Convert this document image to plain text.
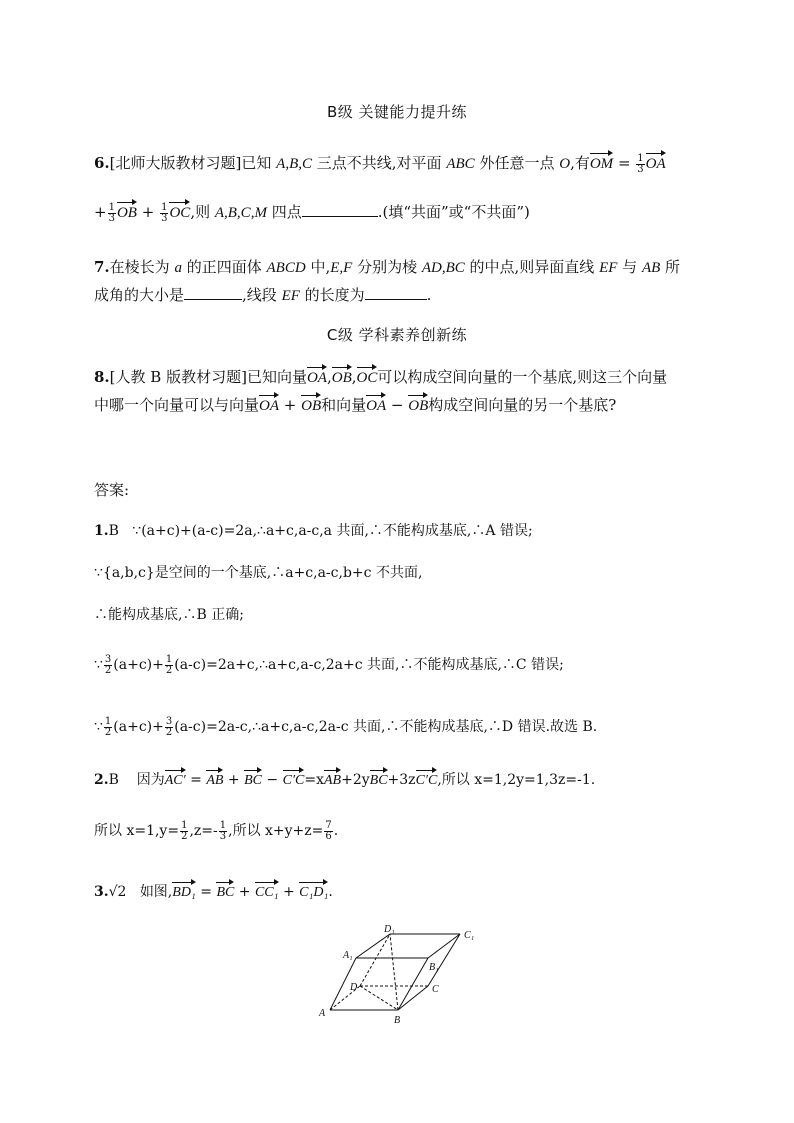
B级 关键能力提升练
6.[北师大版教材习题]已知 A,B,C 三点不共线,对平面 ABC 外任意一点 O,有OM = $\frac{1}{3}$ OA
+ $\frac{1}{3}$ OB + $\frac{1}{3}$ OC,则 A,B,C,M 四点	.(填“共面”或“不共面”)
7.在棱长为 a 的正四面体 ABCD 中,E,F 分别为棱 AD,BC 的中点,则异面直线 EF 与 AB 所
成角的大小是	,线段 EF 的长度为	.
C级 学科素养创新练
8.[人教 B 版教材习题]已知向量OA,OB,OC可以构成空间向量的一个基底,则这三个向量
中哪一个向量可以与向量OA + OB和向量OA − OB构成空间向量的另一个基底?
答案:
1.B ∵(a+c)+(a-c)=2a,∴a+c,a-c,a 共面,∴不能构成基底,∴A 错误;
∵{a,b,c}是空间的一个基底,∴a+c,a-c,b+c 不共面,
∴能构成基底,∴B 正确;
∵ $\frac{3}{2} (a+c)+ \frac{1}{2}$ (a-c)=2a+c,∴a+c,a-c,2a+c 共面,∴不能构成基底,∴C 错误;
∵ $\frac{1}{2} (a+c)+ \frac{3}{2}$ (a-c)=2a-c,∴a+c,a-c,2a-c 共面,∴不能构成基底,∴D 错误.故选 B.
2.B 因为AC′ = AB + BC − C′C=xAB+2yBC+3zC′C,所以 x=1,2y=1,3z=-1.
所以 $x=1,y= \frac{1}{2} ,z=- \frac{1}{3}$ ,所以 $x+y+z= \frac{7}{6}$ .
3.√2 如图,BD₁ = BC + CC₁ + C₁D₁.
A
B
C
D
A₁
B₁
C₁
D₁
